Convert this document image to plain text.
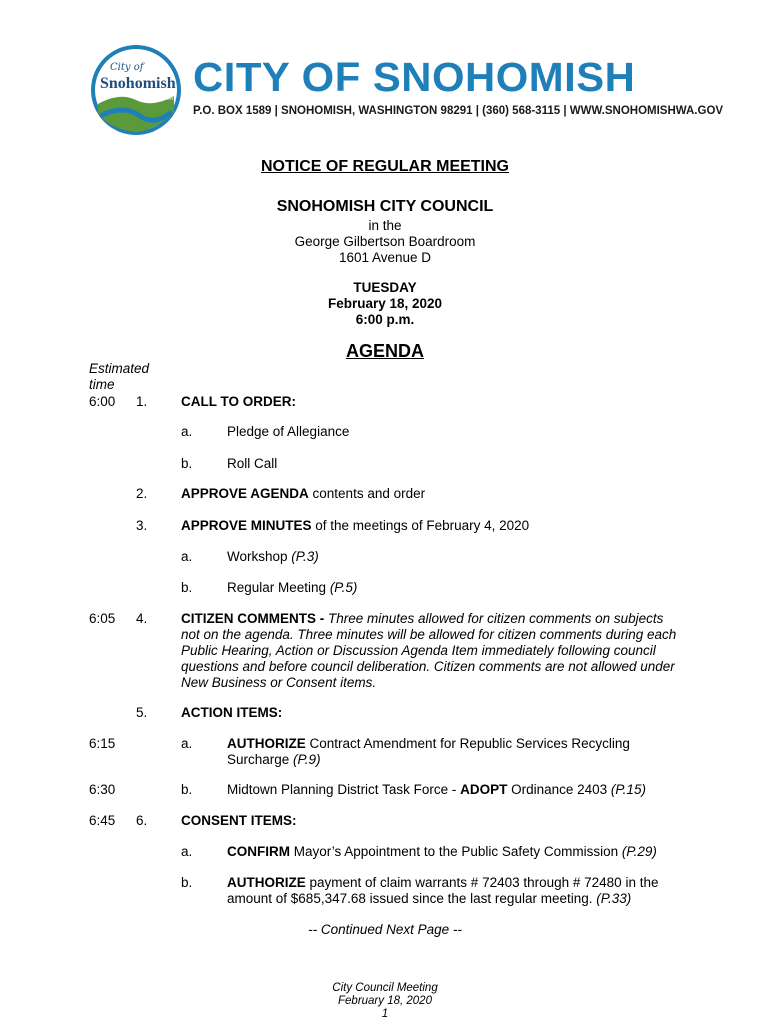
City of
Snohomish
Washington CITY OF SNOHOMISH
P.O. BOX 1589 | SNOHOMISH, WASHINGTON 98291 | (360) 568-3115 | WWW.SNOHOMISHWA.GOV
NOTICE OF REGULAR MEETING
SNOHOMISH CITY COUNCIL
in the
George Gilbertson Boardroom
1601 Avenue D
TUESDAY
February 18, 2020
6:00 p.m.
AGENDA
Estimated
time
6:00 1. CALL TO ORDER:
a.	Pledge of Allegiance
b.	Roll Call
2. APPROVE AGENDA contents and order
3. APPROVE MINUTES of the meetings of February 4, 2020
a.	Workshop (P.3)
b.	Regular Meeting (P.5)
6:05 4. CITIZEN COMMENTS - Three minutes allowed for citizen comments on subjects not on the agenda. Three minutes will be allowed for citizen comments during each Public Hearing, Action or Discussion Agenda Item immediately following council questions and before council deliberation. Citizen comments are not allowed under New Business or Consent items.
5. ACTION ITEMS:
6:15	a.	AUTHORIZE Contract Amendment for Republic Services Recycling Surcharge (P.9)
6:30	b.	Midtown Planning District Task Force - ADOPT Ordinance 2403 (P.15)
6:45 6. CONSENT ITEMS:
a.	CONFIRM Mayor’s Appointment to the Public Safety Commission (P.29)
b.	AUTHORIZE payment of claim warrants # 72403 through # 72480 in the amount of $685,347.68 issued since the last regular meeting. (P.33)
-- Continued Next Page --
City Council Meeting
February 18, 2020
1
